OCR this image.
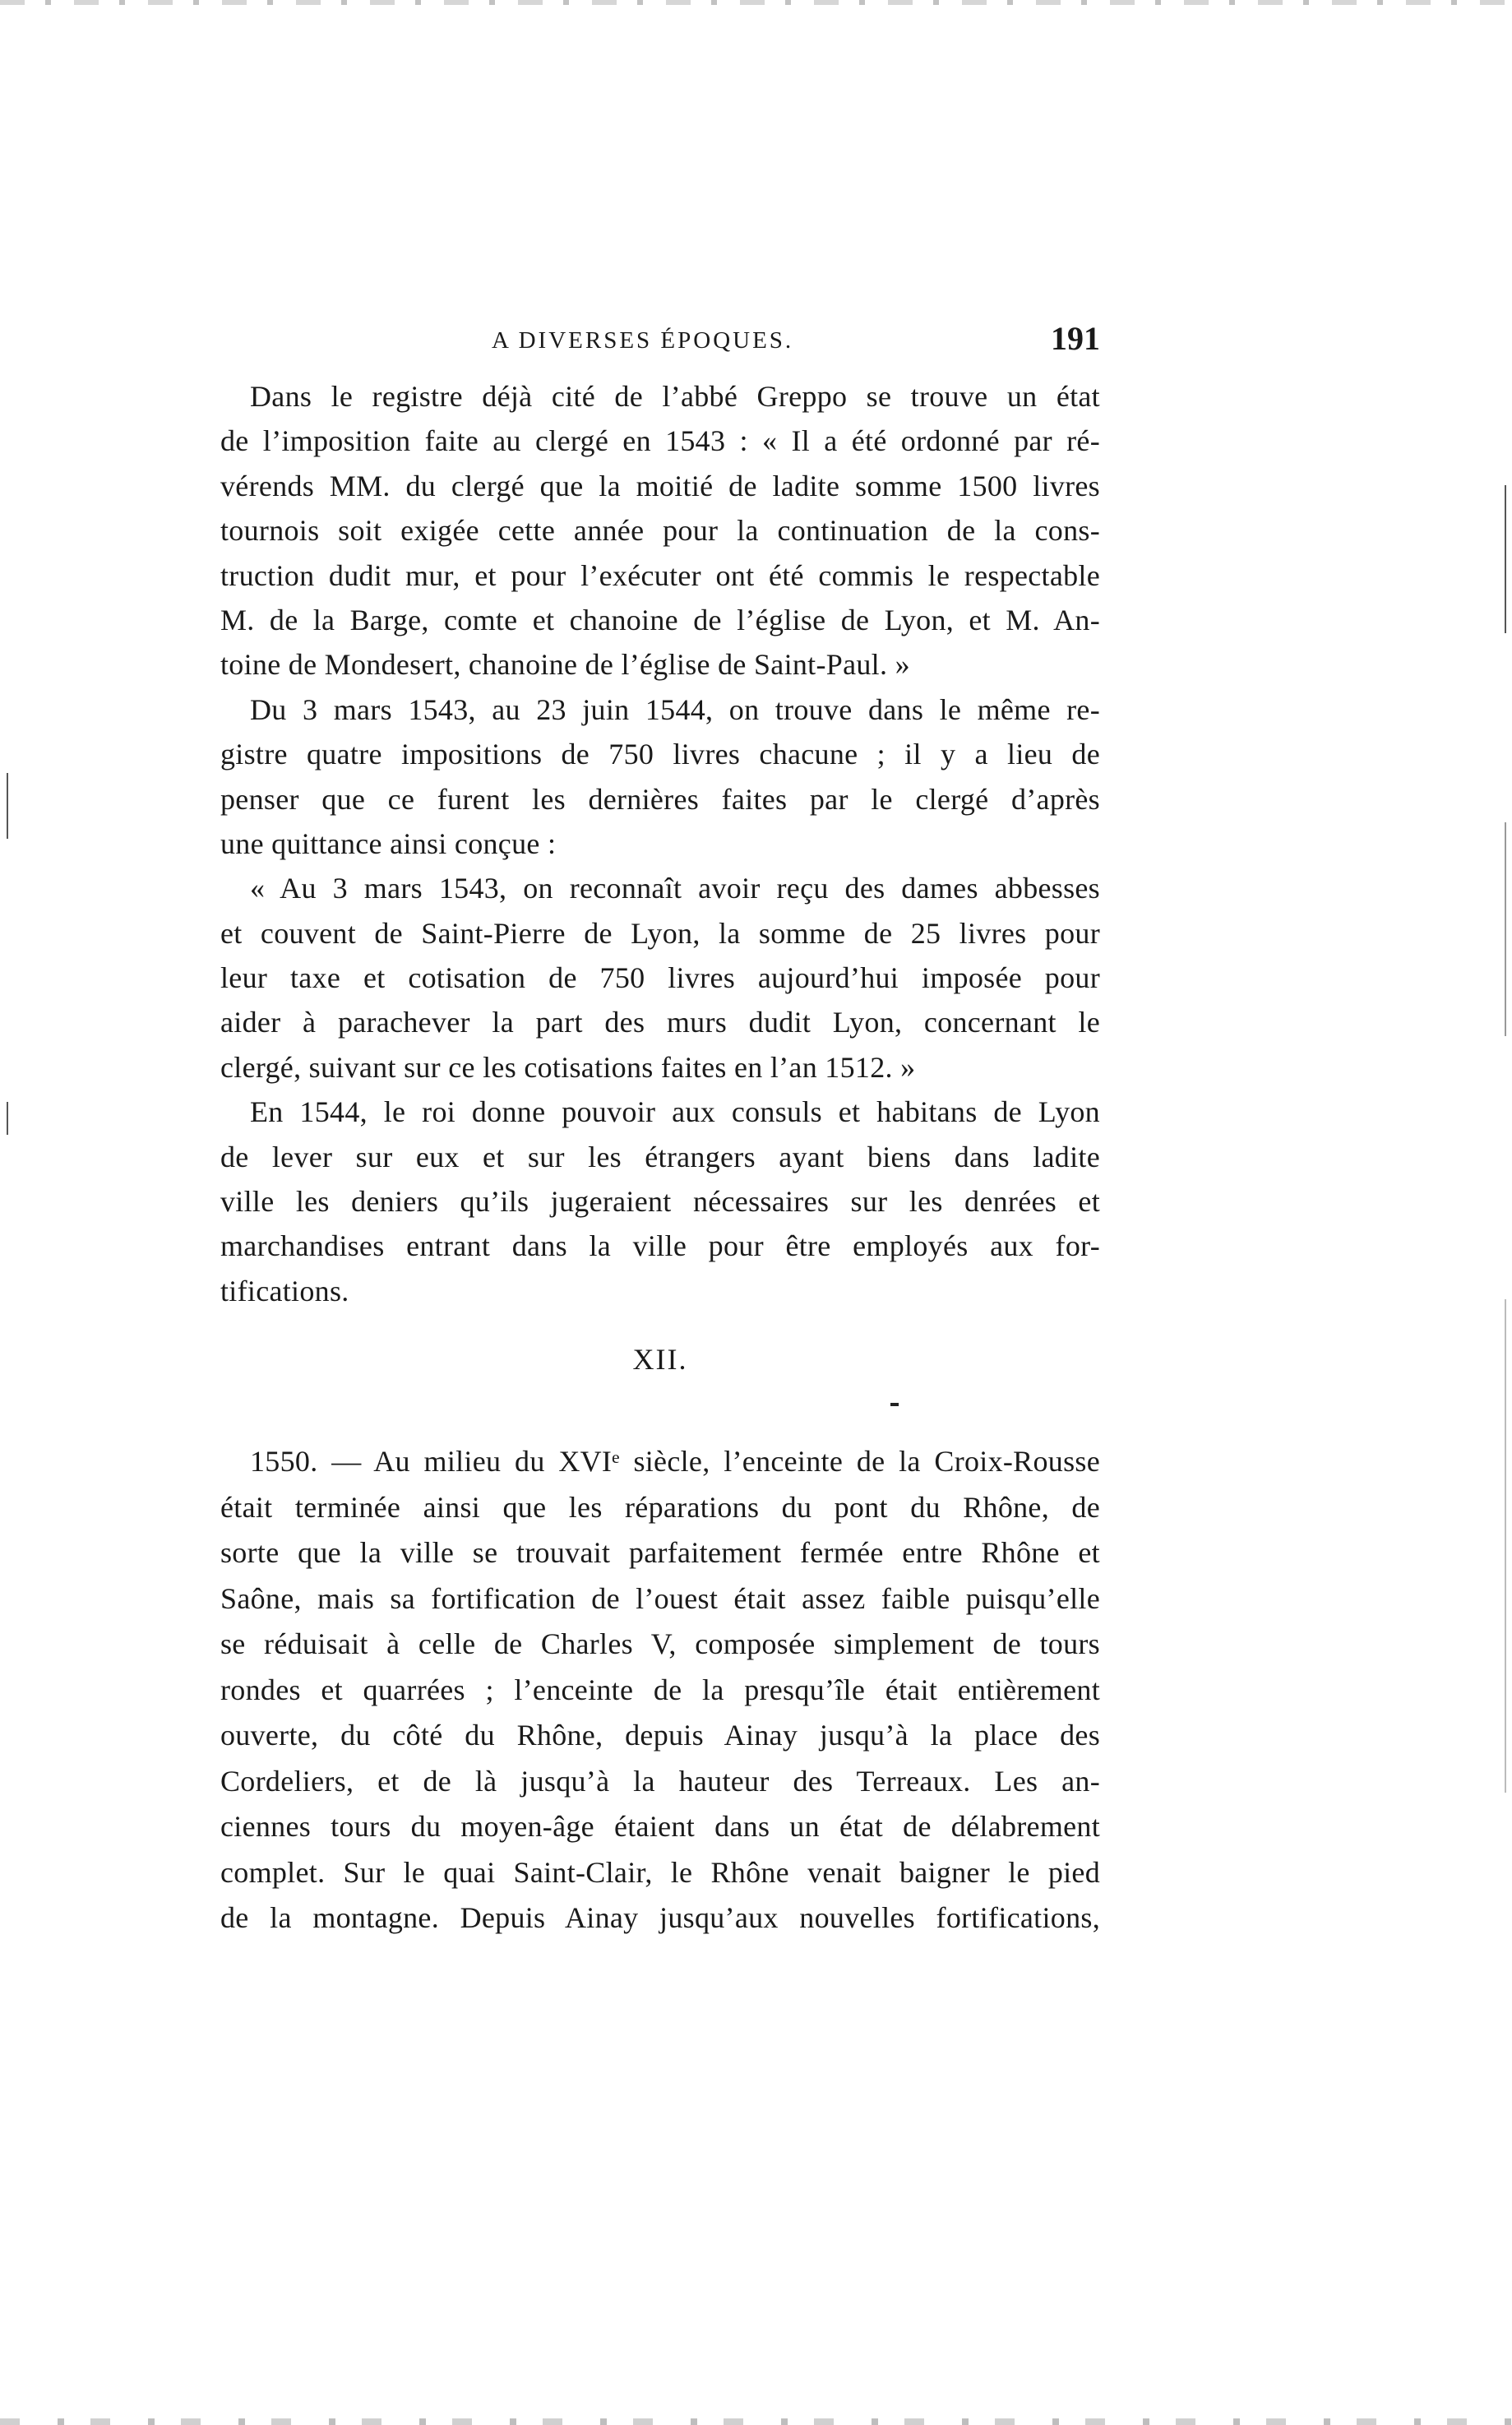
A DIVERSES ÉPOQUES.	191
Dans le registre déjà cité de l’abbé Greppo se trouve un état
de l’imposition faite au clergé en 1543 : « Il a été ordonné par ré-
vérends MM. du clergé que la moitié de ladite somme 1500 livres
tournois soit exigée cette année pour la continuation de la cons-
truction dudit mur, et pour l’exécuter ont été commis le respectable
M. de la Barge, comte et chanoine de l’église de Lyon, et M. An-
toine de Mondesert, chanoine de l’église de Saint-Paul. »
Du 3 mars 1543, au 23 juin 1544, on trouve dans le même re-
gistre quatre impositions de 750 livres chacune ; il y a lieu de
penser que ce furent les dernières faites par le clergé d’après
une quittance ainsi conçue :
« Au 3 mars 1543, on reconnaît avoir reçu des dames abbesses
et couvent de Saint-Pierre de Lyon, la somme de 25 livres pour
leur taxe et cotisation de 750 livres aujourd’hui imposée pour
aider à parachever la part des murs dudit Lyon, concernant le
clergé, suivant sur ce les cotisations faites en l’an 1512. »
En 1544, le roi donne pouvoir aux consuls et habitans de Lyon
de lever sur eux et sur les étrangers ayant biens dans ladite
ville les deniers qu’ils jugeraient nécessaires sur les denrées et
marchandises entrant dans la ville pour être employés aux for-
tifications.
XII.
1550. — Au milieu du XVIᵉ siècle, l’enceinte de la Croix-Rousse
était terminée ainsi que les réparations du pont du Rhône, de
sorte que la ville se trouvait parfaitement fermée entre Rhône et
Saône, mais sa fortification de l’ouest était assez faible puisqu’elle
se réduisait à celle de Charles V, composée simplement de tours
rondes et quarrées ; l’enceinte de la presqu’île était entièrement
ouverte, du côté du Rhône, depuis Ainay jusqu’à la place des
Cordeliers, et de là jusqu’à la hauteur des Terreaux. Les an-
ciennes tours du moyen-âge étaient dans un état de délabrement
complet. Sur le quai Saint-Clair, le Rhône venait baigner le pied
de la montagne. Depuis Ainay jusqu’aux nouvelles fortifications,
